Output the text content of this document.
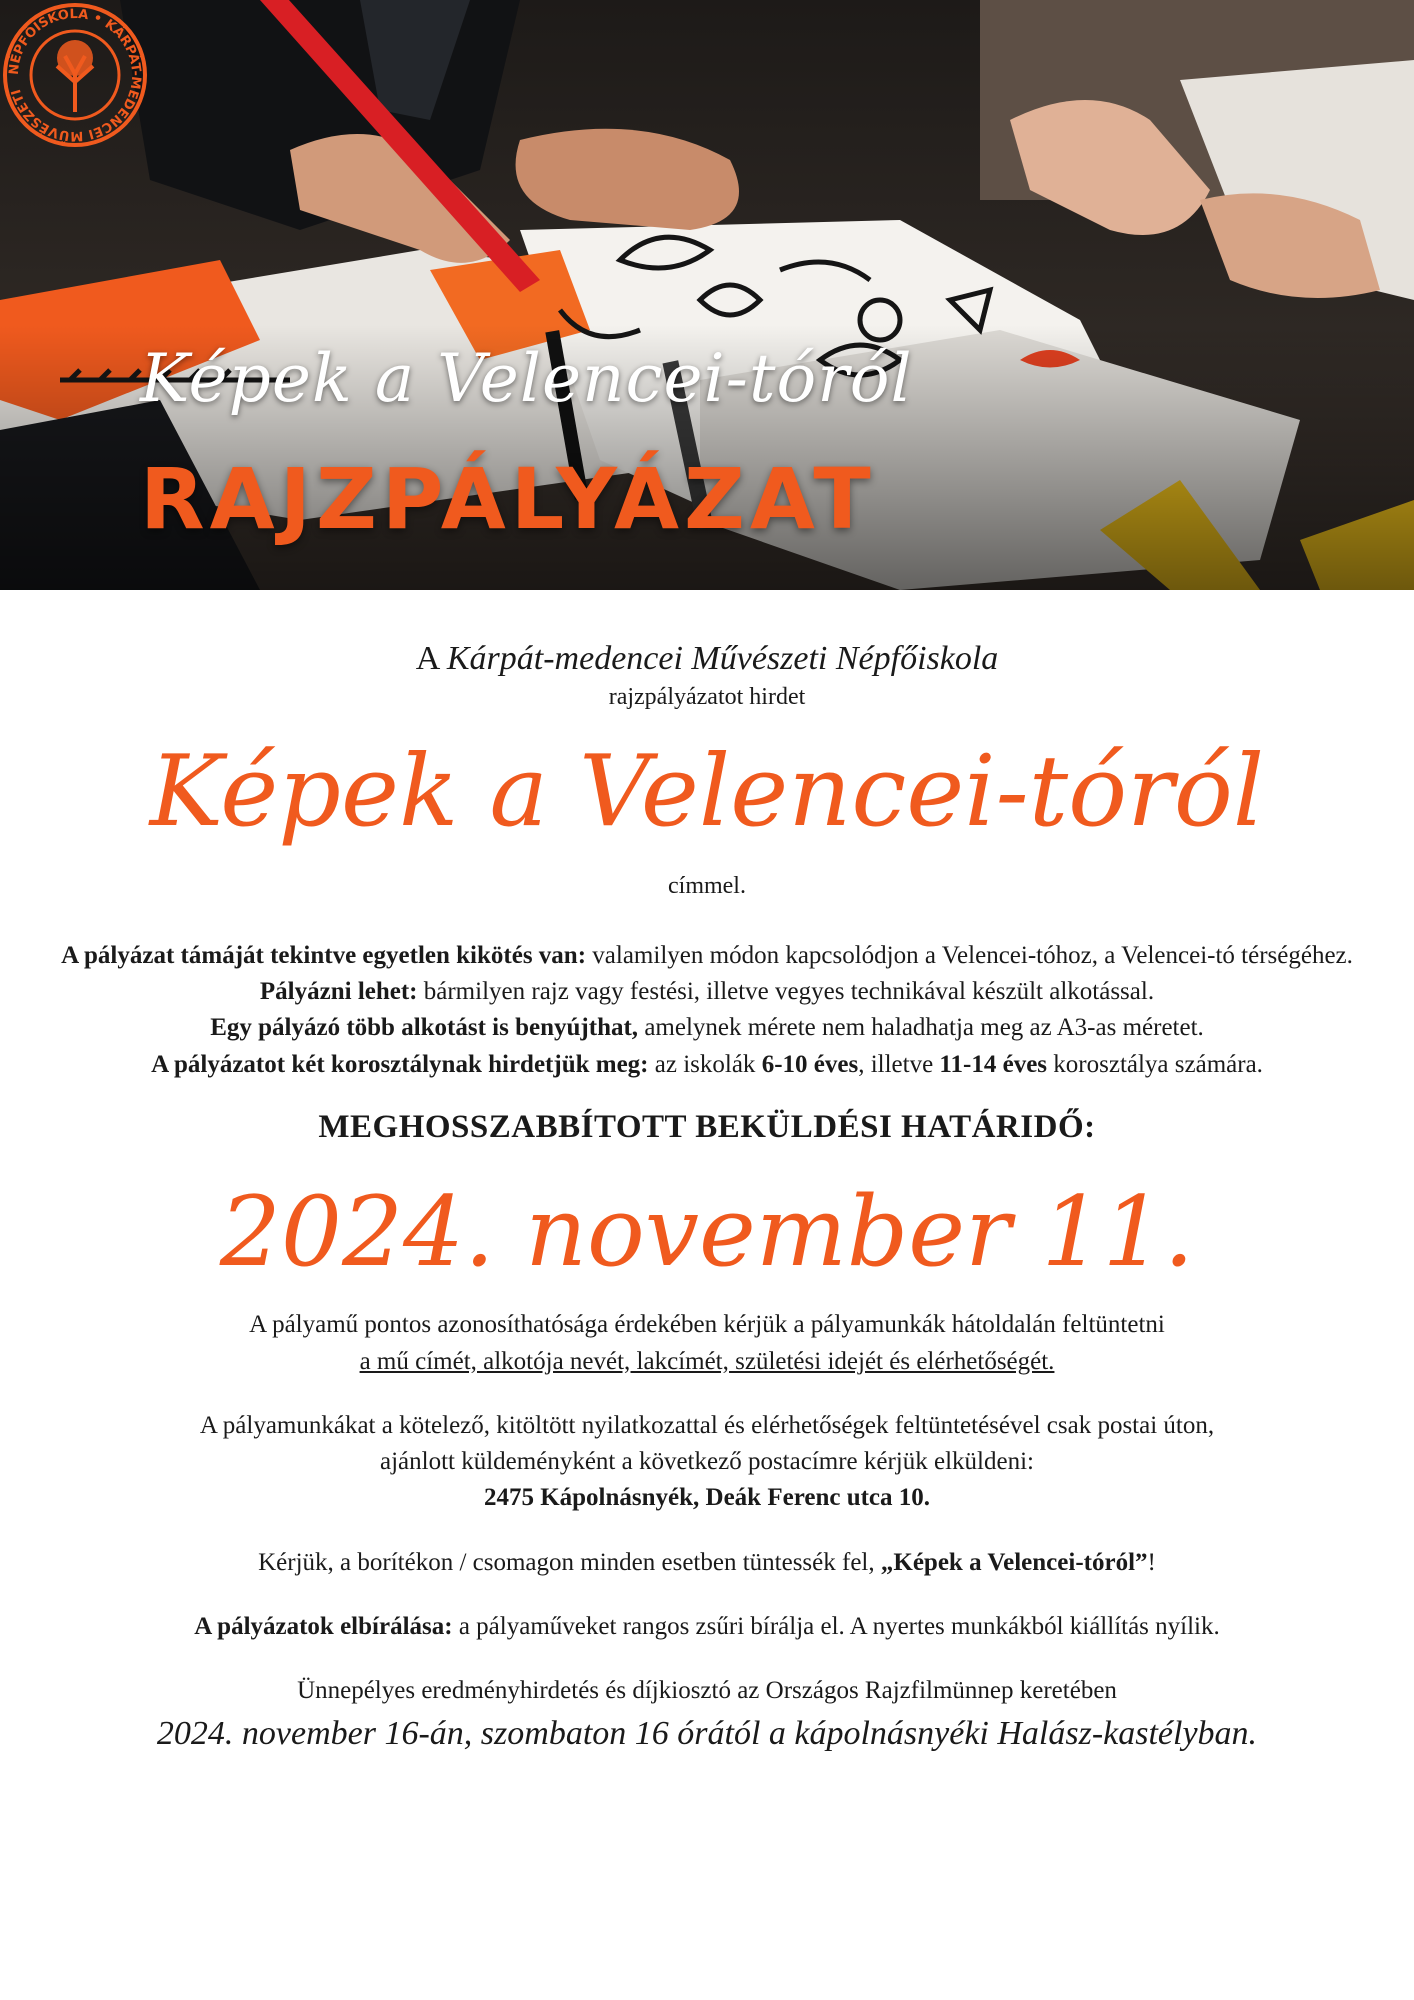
Képek a Velencei-tóról
RAJZPÁLYÁZAT
NÉPFŐISKOLA • KÁRPÁT-MEDENCEI MŰVÉSZETI

A Kárpát-medencei Művészeti Népfőiskola

rajzpályázatot hirdet

Képek a Velencei-tóról

címmel.

A pályázat támáját tekintve egyetlen kikötés van: valamilyen módon kapcsolódjon a Velencei-tóhoz, a Velencei-tó térségéhez.

Pályázni lehet: bármilyen rajz vagy festési, illetve vegyes technikával készült alkotással.

Egy pályázó több alkotást is benyújthat, amelynek mérete nem haladhatja meg az A3-as méretet.

A pályázatot két korosztálynak hirdetjük meg: az iskolák 6-10 éves, illetve 11-14 éves korosztálya számára.

MEGHOSSZABBÍTOTT BEKÜLDÉSI HATÁRIDŐ:

2024. november 11.

A pályamű pontos azonosíthatósága érdekében kérjük a pályamunkák hátoldalán feltüntetni

a mű címét, alkotója nevét, lakcímét, születési idejét és elérhetőségét.

A pályamunkákat a kötelező, kitöltött nyilatkozattal és elérhetőségek feltüntetésével csak postai úton,

ajánlott küldeményként a következő postacímre kérjük elküldeni:

2475 Kápolnásnyék, Deák Ferenc utca 10.

Kérjük, a borítékon / csomagon minden esetben tüntessék fel, „Képek a Velencei-tóról”!

A pályázatok elbírálása: a pályaműveket rangos zsűri bírálja el. A nyertes munkákból kiállítás nyílik.

Ünnepélyes eredményhirdetés és díjkiosztó az Országos Rajzfilmünnep keretében

2024. november 16-án, szombaton 16 órától a kápolnásnyéki Halász-kastélyban.
